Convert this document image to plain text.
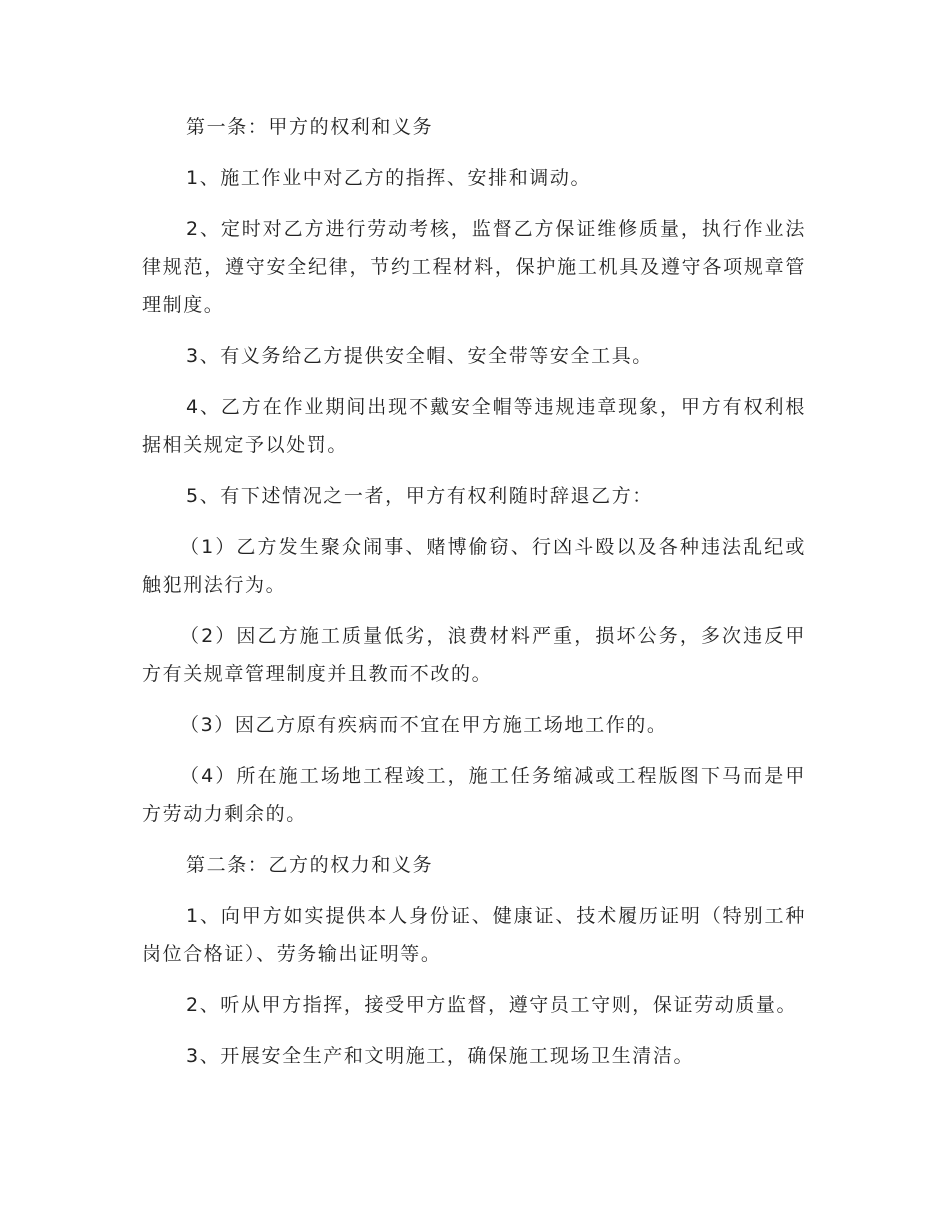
第一条：甲方的权利和义务

1、施工作业中对乙方的指挥、安排和调动。

2、定时对乙方进行劳动考核，监督乙方保证维修质量，执行作业法律规范，遵守安全纪律，节约工程材料，保护施工机具及遵守各项规章管理制度。

3、有义务给乙方提供安全帽、安全带等安全工具。

4、乙方在作业期间出现不戴安全帽等违规违章现象，甲方有权利根据相关规定予以处罚。

5、有下述情况之一者，甲方有权利随时辞退乙方：

（1）乙方发生聚众闹事、赌博偷窃、行凶斗殴以及各种违法乱纪或触犯刑法行为。

（2）因乙方施工质量低劣，浪费材料严重，损坏公务，多次违反甲方有关规章管理制度并且教而不改的。

（3）因乙方原有疾病而不宜在甲方施工场地工作的。

（4）所在施工场地工程竣工，施工任务缩减或工程版图下马而是甲方劳动力剩余的。

第二条：乙方的权力和义务

1、向甲方如实提供本人身份证、健康证、技术履历证明（特别工种岗位合格证）、劳务输出证明等。

2、听从甲方指挥，接受甲方监督，遵守员工守则，保证劳动质量。

3、开展安全生产和文明施工，确保施工现场卫生清洁。
